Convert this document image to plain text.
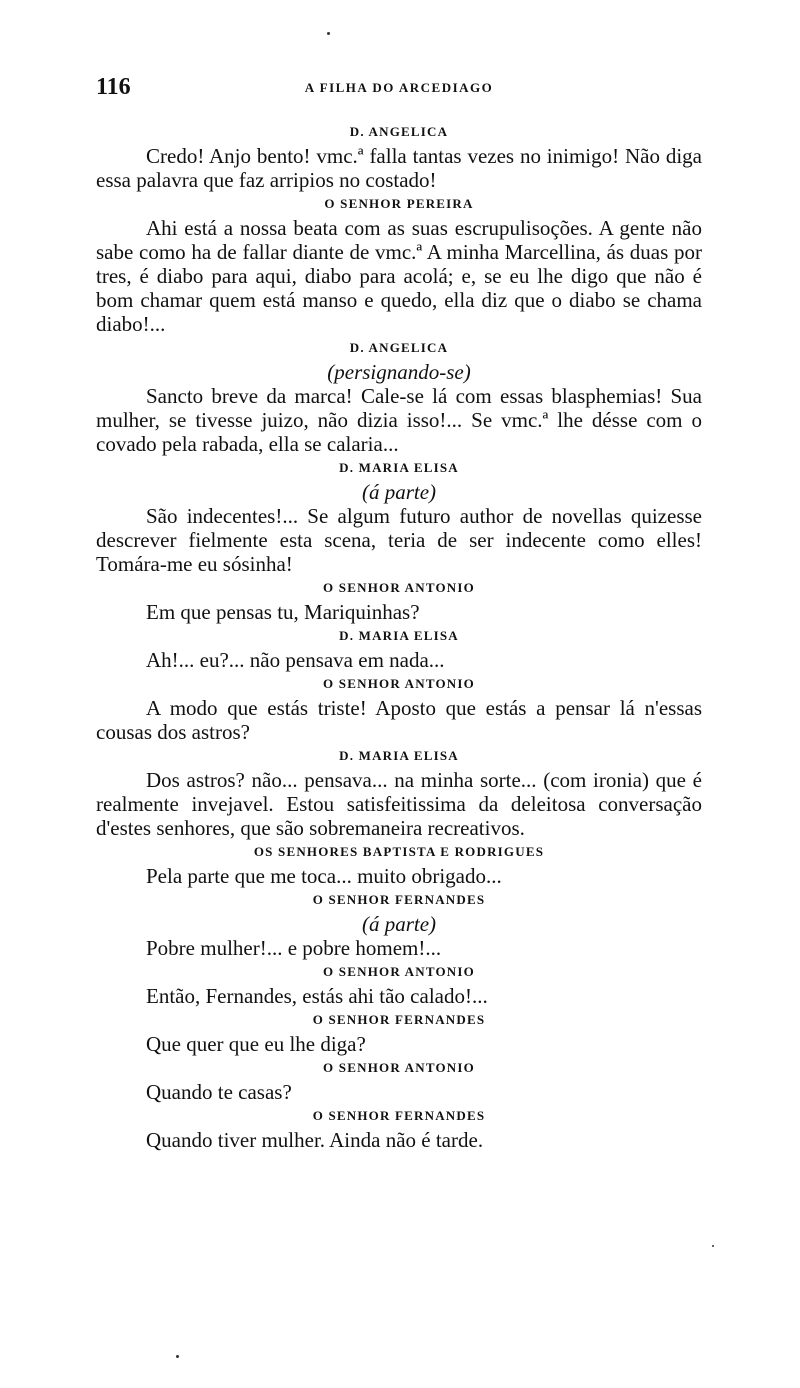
116	A FILHA DO ARCEDIAGO
D. ANGELICA
Credo! Anjo bento! vmc.ª falla tantas vezes no inimigo! Não diga essa palavra que faz arripios no costado!
O SENHOR PEREIRA
Ahi está a nossa beata com as suas escrupulisoções. A gente não sabe como ha de fallar diante de vmc.ª A minha Marcellina, ás duas por tres, é diabo para aqui, diabo para acolá; e, se eu lhe digo que não é bom chamar quem está manso e quedo, ella diz que o diabo se chama diabo!...
D. ANGELICA
(persignando-se)
Sancto breve da marca! Cale-se lá com essas blasphemias! Sua mulher, se tivesse juizo, não dizia isso!... Se vmc.ª lhe désse com o covado pela rabada, ella se calaria...
D. MARIA ELISA
(á parte)
São indecentes!... Se algum futuro author de novellas quizesse descrever fielmente esta scena, teria de ser indecente como elles! Tomára-me eu sósinha!
O SENHOR ANTONIO
Em que pensas tu, Mariquinhas?
D. MARIA ELISA
Ah!... eu?... não pensava em nada...
O SENHOR ANTONIO
A modo que estás triste! Aposto que estás a pensar lá n'essas cousas dos astros?
D. MARIA ELISA
Dos astros? não... pensava... na minha sorte... (com ironia) que é realmente invejavel. Estou satisfeitissima da deleitosa conversação d'estes senhores, que são sobremaneira recreativos.
OS SENHORES BAPTISTA E RODRIGUES
Pela parte que me toca... muito obrigado...
O SENHOR FERNANDES
(á parte)
Pobre mulher!... e pobre homem!...
O SENHOR ANTONIO
Então, Fernandes, estás ahi tão calado!...
O SENHOR FERNANDES
Que quer que eu lhe diga?
O SENHOR ANTONIO
Quando te casas?
O SENHOR FERNANDES
Quando tiver mulher. Ainda não é tarde.
